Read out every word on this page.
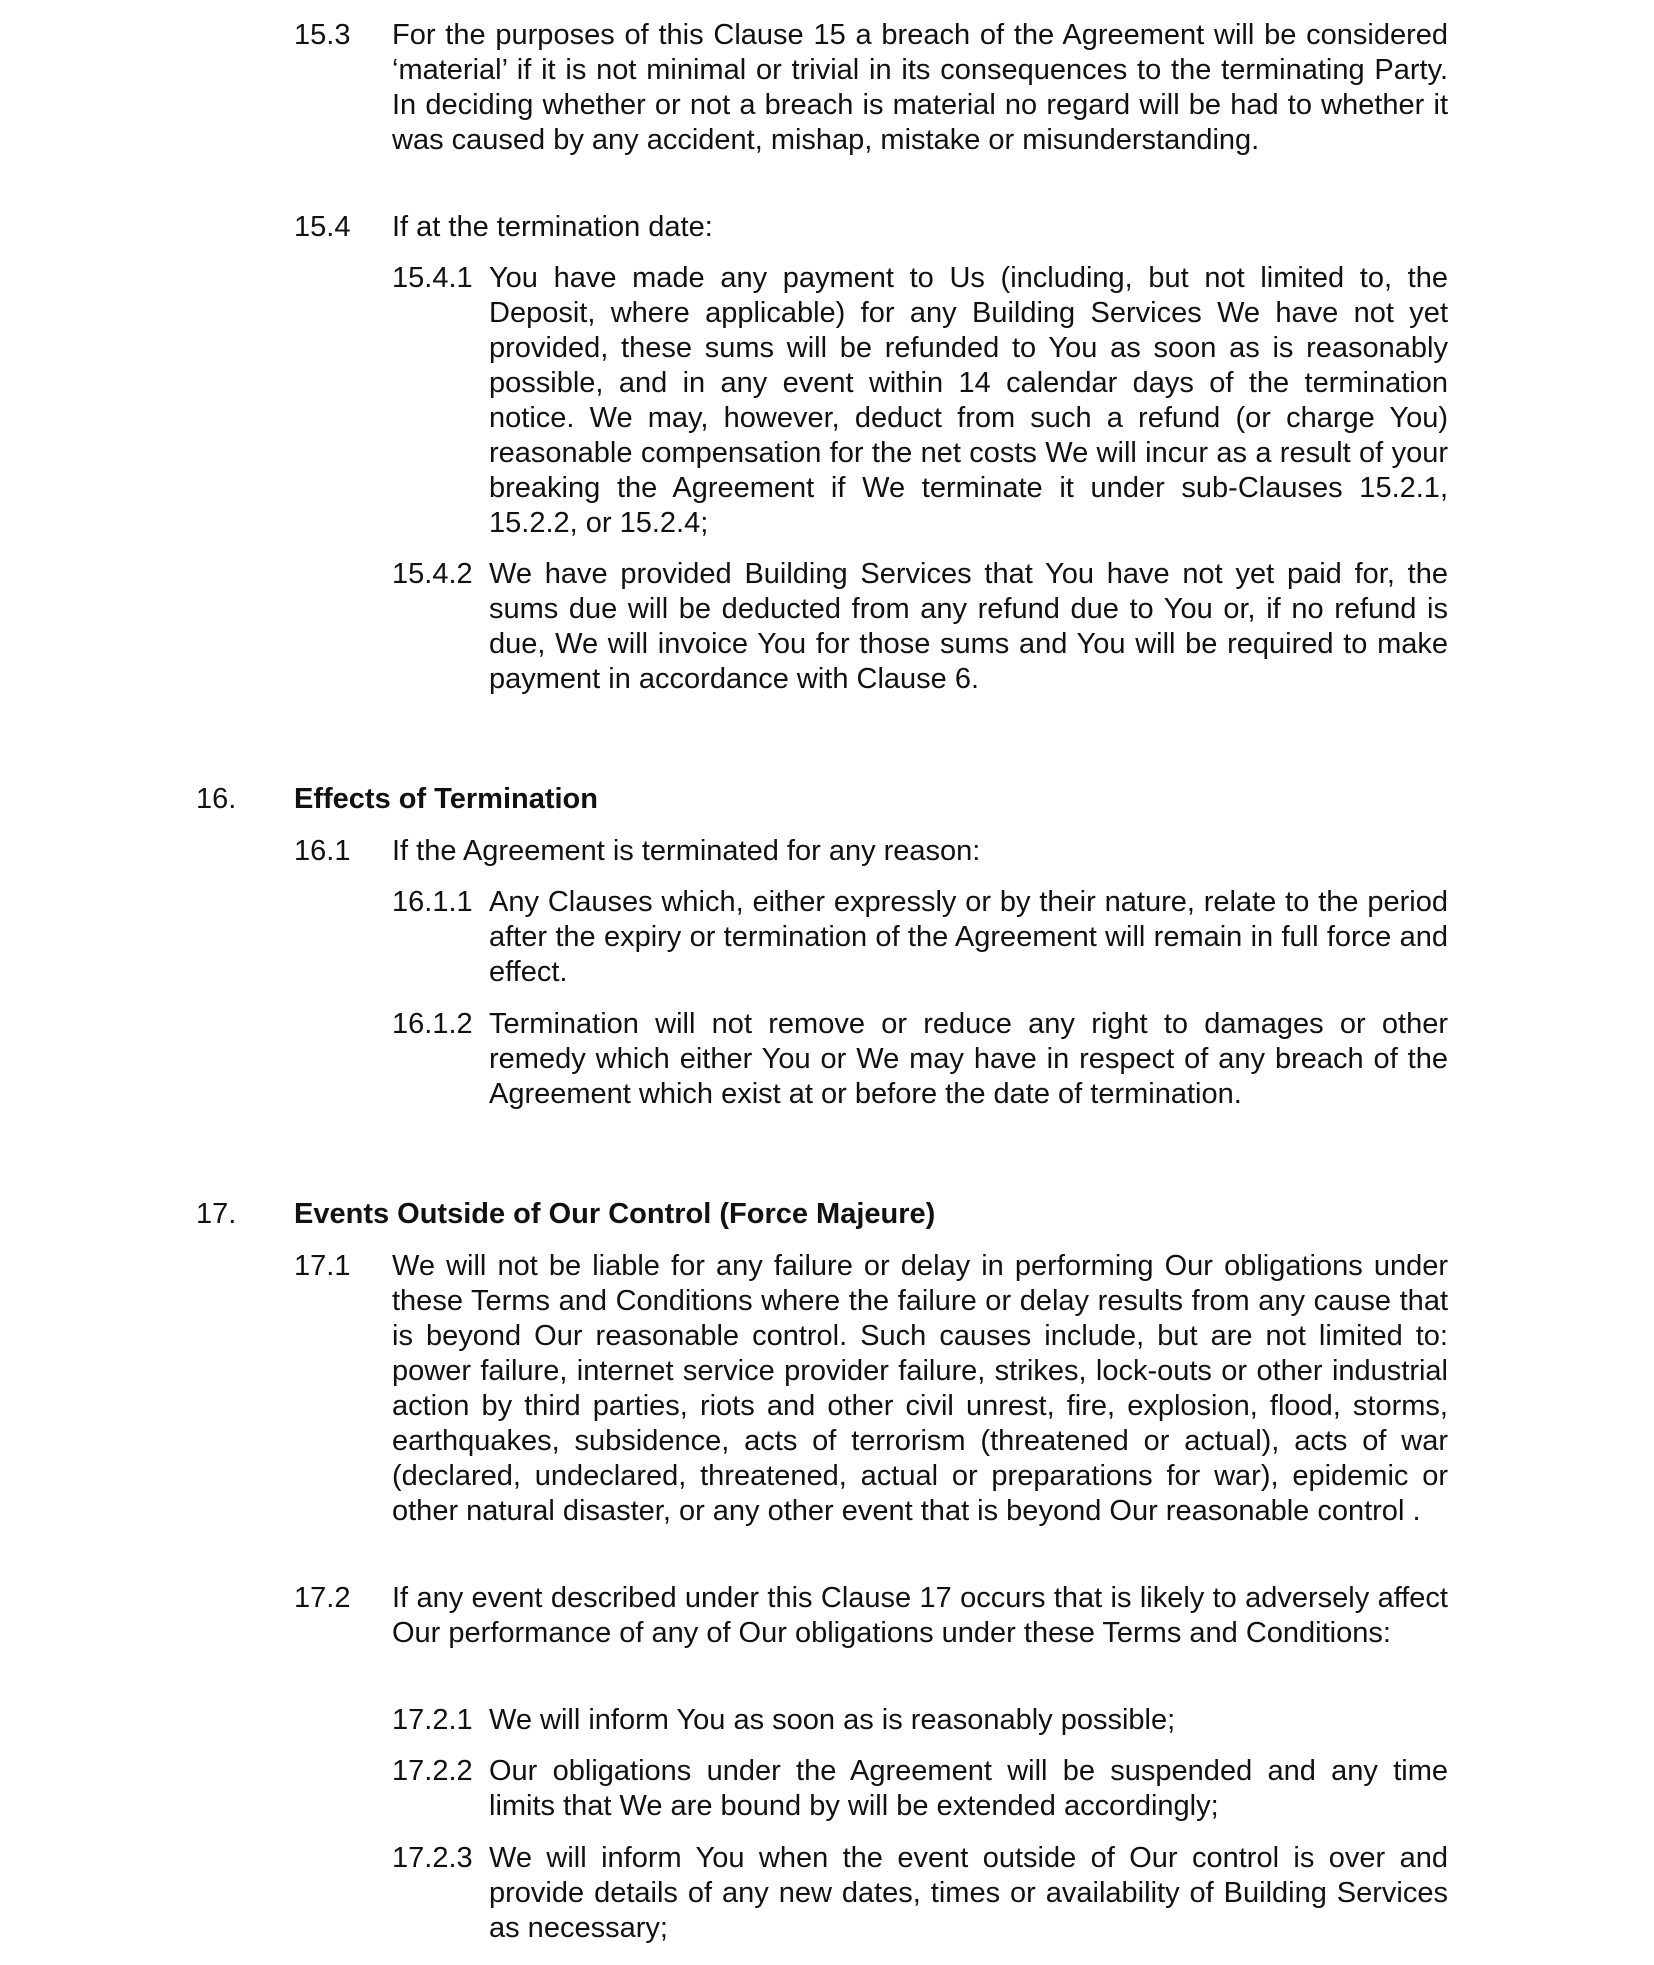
15.3 For the purposes of this Clause 15 a breach of the Agreement will be considered ‘material’ if it is not minimal or trivial in its consequences to the terminating Party. In deciding whether or not a breach is material no regard will be had to whether it was caused by any accident, mishap, mistake or misunderstanding.
15.4 If at the termination date:
15.4.1 You have made any payment to Us (including, but not limited to, the Deposit, where applicable) for any Building Services We have not yet provided, these sums will be refunded to You as soon as is reasonably possible, and in any event within 14 calendar days of the termination notice. We may, however, deduct from such a refund (or charge You) reasonable compensation for the net costs We will incur as a result of your breaking the Agreement if We terminate it under sub-Clauses 15.2.1, 15.2.2, or 15.2.4;
15.4.2 We have provided Building Services that You have not yet paid for, the sums due will be deducted from any refund due to You or, if no refund is due, We will invoice You for those sums and You will be required to make payment in accordance with Clause 6.
16. Effects of Termination
16.1 If the Agreement is terminated for any reason:
16.1.1 Any Clauses which, either expressly or by their nature, relate to the period after the expiry or termination of the Agreement will remain in full force and effect.
16.1.2 Termination will not remove or reduce any right to damages or other remedy which either You or We may have in respect of any breach of the Agreement which exist at or before the date of termination.
17. Events Outside of Our Control (Force Majeure)
17.1 We will not be liable for any failure or delay in performing Our obligations under these Terms and Conditions where the failure or delay results from any cause that is beyond Our reasonable control. Such causes include, but are not limited to: power failure, internet service provider failure, strikes, lock-outs or other industrial action by third parties, riots and other civil unrest, fire, explosion, flood, storms, earthquakes, subsidence, acts of terrorism (threatened or actual), acts of war (declared, undeclared, threatened, actual or preparations for war), epidemic or other natural disaster, or any other event that is beyond Our reasonable control .
17.2 If any event described under this Clause 17 occurs that is likely to adversely affect Our performance of any of Our obligations under these Terms and Conditions:
17.2.1 We will inform You as soon as is reasonably possible;
17.2.2 Our obligations under the Agreement will be suspended and any time limits that We are bound by will be extended accordingly;
17.2.3 We will inform You when the event outside of Our control is over and provide details of any new dates, times or availability of Building Services as necessary;
